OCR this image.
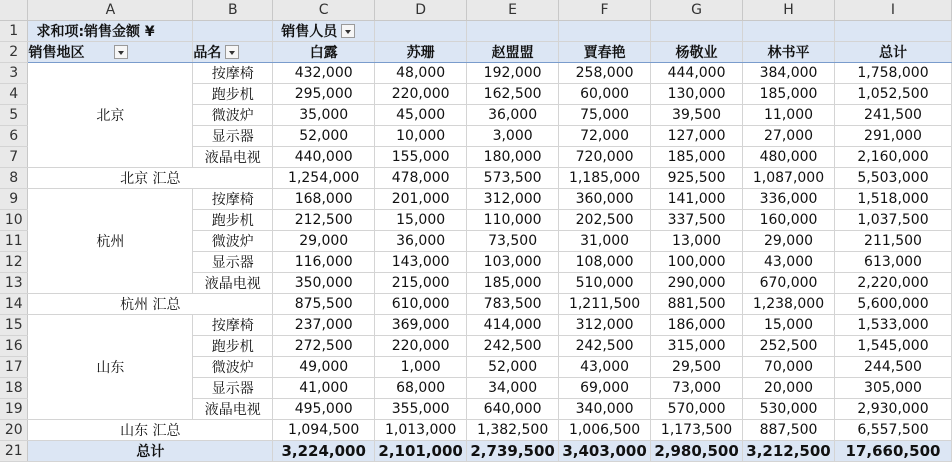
	A	B	C	D	E	F	G	H	I
1	求和项:销售金额 ¥		销售人员						
2	销售地区	品名	白露	苏珊	赵盟盟	賈春艳	杨敬业	林书平	总计
3	北京	按摩椅	432,000	48,000	192,000	258,000	444,000	384,000	1,758,000
4		跑步机	295,000	220,000	162,500	60,000	130,000	185,000	1,052,500
5		微波炉	35,000	45,000	36,000	75,000	39,500	11,000	241,500
6		显示器	52,000	10,000	3,000	72,000	127,000	27,000	291,000
7		液晶电视	440,000	155,000	180,000	720,000	185,000	480,000	2,160,000
8	北京 汇总		1,254,000	478,000	573,500	1,185,000	925,500	1,087,000	5,503,000
9	杭州	按摩椅	168,000	201,000	312,000	360,000	141,000	336,000	1,518,000
10		跑步机	212,500	15,000	110,000	202,500	337,500	160,000	1,037,500
11		微波炉	29,000	36,000	73,500	31,000	13,000	29,000	211,500
12		显示器	116,000	143,000	103,000	108,000	100,000	43,000	613,000
13		液晶电视	350,000	215,000	185,000	510,000	290,000	670,000	2,220,000
14	杭州 汇总		875,500	610,000	783,500	1,211,500	881,500	1,238,000	5,600,000
15	山东	按摩椅	237,000	369,000	414,000	312,000	186,000	15,000	1,533,000
16		跑步机	272,500	220,000	242,500	242,500	315,000	252,500	1,545,000
17		微波炉	49,000	1,000	52,000	43,000	29,500	70,000	244,500
18		显示器	41,000	68,000	34,000	69,000	73,000	20,000	305,000
19		液晶电视	495,000	355,000	640,000	340,000	570,000	530,000	2,930,000
20	山东 汇总		1,094,500	1,013,000	1,382,500	1,006,500	1,173,500	887,500	6,557,500
21	总计		3,224,000	2,101,000	2,739,500	3,403,000	2,980,500	3,212,500	17,660,500
